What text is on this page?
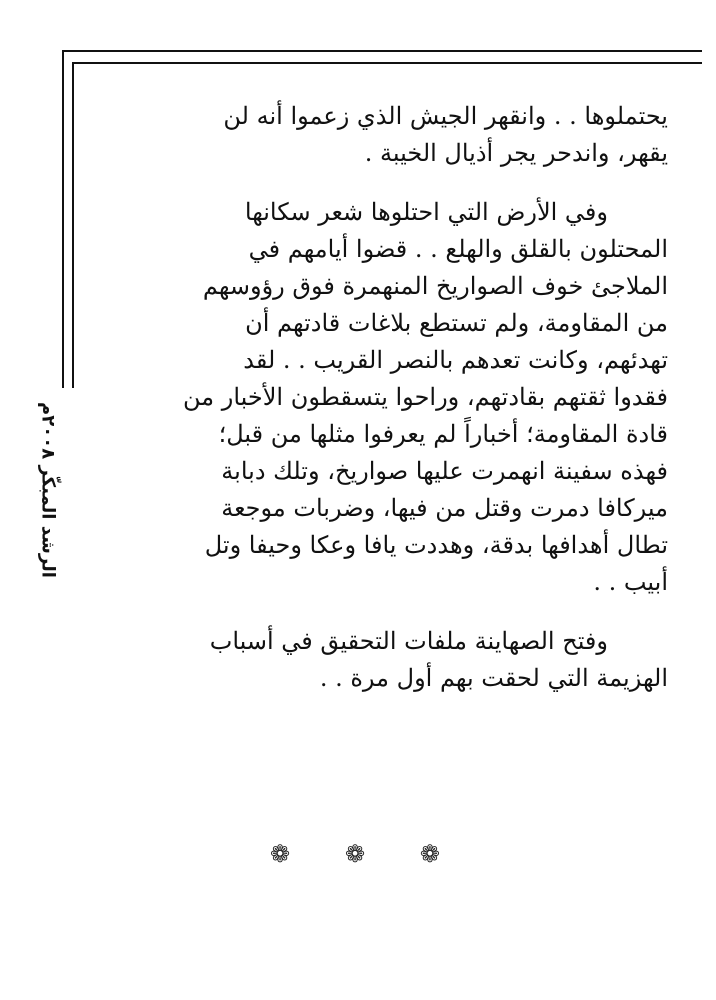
الرشد المبكّر ٢٠٠٨م
يحتملوها . . وانقهر الجيش الذي زعموا أنه لن
يقهر، واندحر يجر أذيال الخيبة .
وفي الأرض التي احتلوها شعر سكانها
المحتلون بالقلق والهلع . . قضوا أيامهم في
الملاجئ خوف الصواريخ المنهمرة فوق رؤوسهم
من المقاومة، ولم تستطع بلاغات قادتهم أن
تهدئهم، وكانت تعدهم بالنصر القريب . . لقد
فقدوا ثقتهم بقادتهم، وراحوا يتسقطون الأخبار من
قادة المقاومة؛ أخباراً لم يعرفوا مثلها من قبل؛
فهذه سفينة انهمرت عليها صواريخ، وتلك دبابة
ميركافا دمرت وقتل من فيها، وضربات موجعة
تطال أهدافها بدقة، وهددت يافا وعكا وحيفا وتل
أبيب . .
وفتح الصهاينة ملفات التحقيق في أسباب
الهزيمة التي لحقت بهم أول مرة . .
❁ ❁ ❁
